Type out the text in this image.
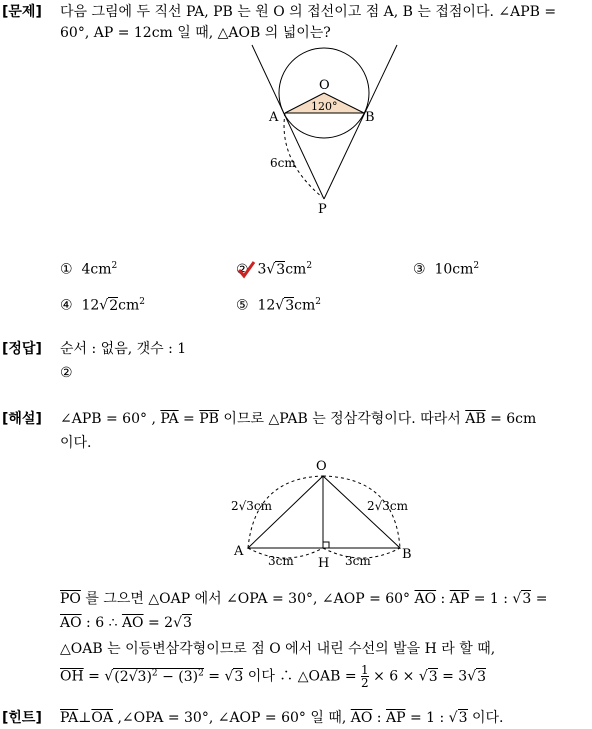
[문제] 다음 그림에 두 직선 PA, PB 는 원 O 의 접선이고 점 A, B 는 접점이다. ∠APB =
60°, AP = 12cm 일 때, △AOB 의 넓이는?
O
A	B
P
120°
6cm
①  $4cm^2$	②
$3√3cm^2$	③  $10cm^2$
④  $12√2cm^2$	⑤  $12√3cm^2$
[정답] 순서 : 없음, 갯수 : 1
②
[해설] ∠APB = 60° , $\overline{PA} = \overline{PB}$ 이므로 △PAB 는 정삼각형이다. 따라서 $\overline{AB} = 6cm$
이다.
O
A	B
H
2√3cm	2√3cm
3cm	3cm
$\overline{PO}$ 를 그으면 △OAP 에서 ∠OPA = 30°, ∠AOP = 60° $\overline{AO}$ : $\overline{AP} = 1$ : √3 =
$\overline{AO}$ : 6 ∴ $\overline{AO} = 2√3$
△OAB 는 이등변삼각형이므로 점 O 에서 내린 수선의 발을 H 라 할 때,
$\overline{OH} = √(2√3)^2 - (3)^2 = √3$ 이다 ∴ △OAB = $\frac{1}{2} \times 6 \times √3 = 3√3$
[힌트] $\overline{PA}\perp\overline{OA}$ ,∠OPA = 30°, ∠AOP = 60° 일 때, $\overline{AO}$ : $\overline{AP} = 1$ : √3 이다.
